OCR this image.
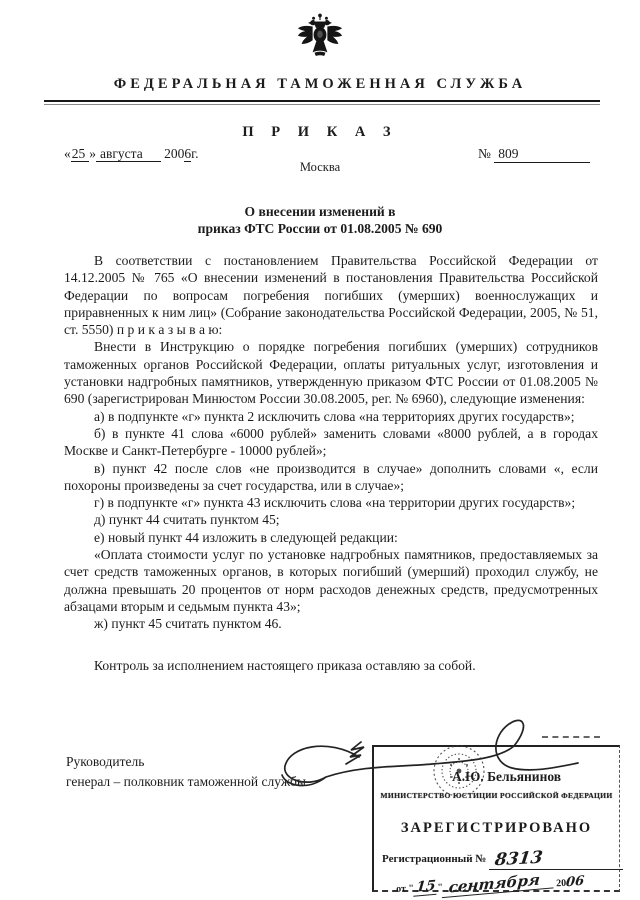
ФЕДЕРАЛЬНАЯ ТАМОЖЕННАЯ СЛУЖБА
П Р И К А З
«25 » августа 2006г.	№ 809
Москва
О внесении изменений в
приказ ФТС России от 01.08.2005 № 690

В соответствии с постановлением Правительства Российской Федерации от 14.12.2005 № 765 «О внесении изменений в постановления Правительства Российской Федерации по вопросам погребения погибших (умерших) военнослужащих и приравненных к ним лиц» (Собрание законодательства Российской Федерации, 2005, № 51, ст. 5550) п р и к а з ы в а ю:

Внести в Инструкцию о порядке погребения погибших (умерших) сотрудников таможенных органов Российской Федерации, оплаты ритуальных услуг, изготовления и установки надгробных памятников, утвержденную приказом ФТС России от 01.08.2005 № 690 (зарегистрирован Минюстом России 30.08.2005, рег. № 6960), следующие изменения:

а) в подпункте «г» пункта 2 исключить слова «на территориях других государств»;

б) в пункте 41 слова «6000 рублей» заменить словами «8000 рублей, а в городах Москве и Санкт-Петербурге - 10000 рублей»;

в) пункт 42 после слов «не производится в случае» дополнить словами «, если похороны произведены за счет государства, или в случае»;

г) в подпункте «г» пункта 43 исключить слова «на территории других государств»;

д) пункт 44 считать пунктом 45;

е) новый пункт 44 изложить в следующей редакции:

«Оплата стоимости услуг по установке надгробных памятников, предоставляемых за счет средств таможенных органов, в которых погибший (умерший) проходил службу, не должна превышать 20 процентов от норм расходов денежных средств, предусмотренных абзацами вторым и седьмым пункта 43»;

ж) пункт 45 считать пунктом 46.

Контроль за исполнением настоящего приказа оставляю за собой.

Руководитель
генерал – полковник таможенной службы	А.Ю. Бельянинов
МИНИСТЕРСТВО ЮСТИЦИИ РОССИЙСКОЙ ФЕДЕРАЦИИ
ЗАРЕГИСТРИРОВАНО
Регистрационный № 8313
от "15" сентября 2006
